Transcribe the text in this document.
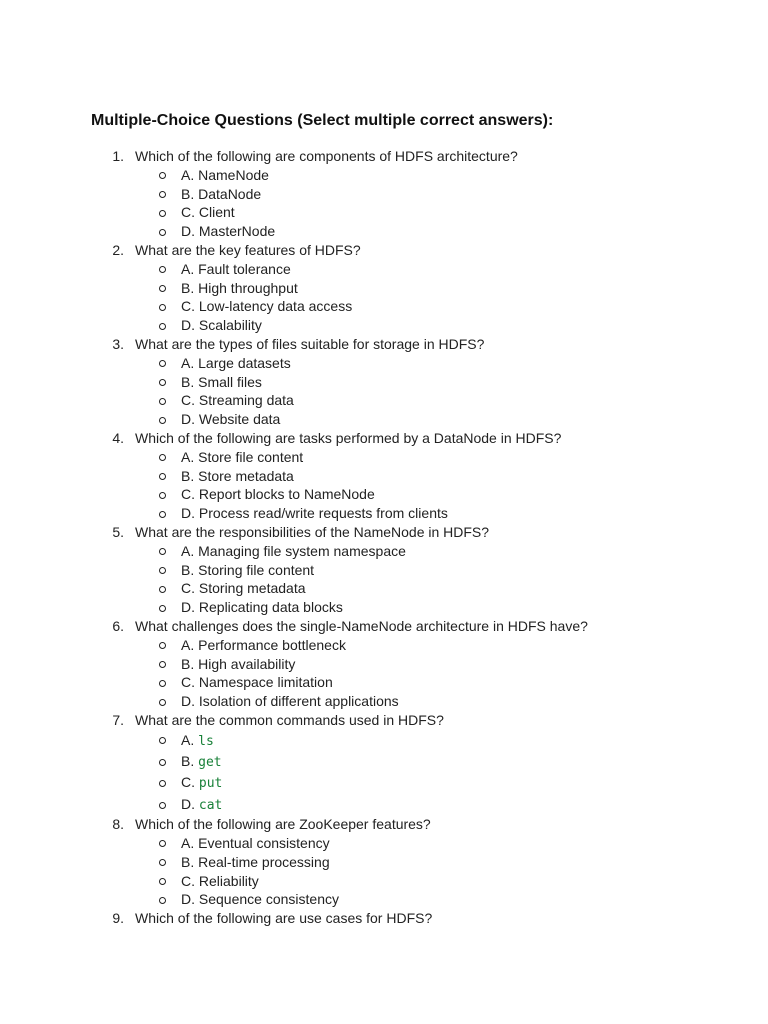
Multiple-Choice Questions (Select multiple correct answers):
1. Which of the following are components of HDFS architecture?
A. NameNode
B. DataNode
C. Client
D. MasterNode
2. What are the key features of HDFS?
A. Fault tolerance
B. High throughput
C. Low-latency data access
D. Scalability
3. What are the types of files suitable for storage in HDFS?
A. Large datasets
B. Small files
C. Streaming data
D. Website data
4. Which of the following are tasks performed by a DataNode in HDFS?
A. Store file content
B. Store metadata
C. Report blocks to NameNode
D. Process read/write requests from clients
5. What are the responsibilities of the NameNode in HDFS?
A. Managing file system namespace
B. Storing file content
C. Storing metadata
D. Replicating data blocks
6. What challenges does the single-NameNode architecture in HDFS have?
A. Performance bottleneck
B. High availability
C. Namespace limitation
D. Isolation of different applications
7. What are the common commands used in HDFS?
A. ls
B. get
C. put
D. cat
8. Which of the following are ZooKeeper features?
A. Eventual consistency
B. Real-time processing
C. Reliability
D. Sequence consistency
9. Which of the following are use cases for HDFS?
